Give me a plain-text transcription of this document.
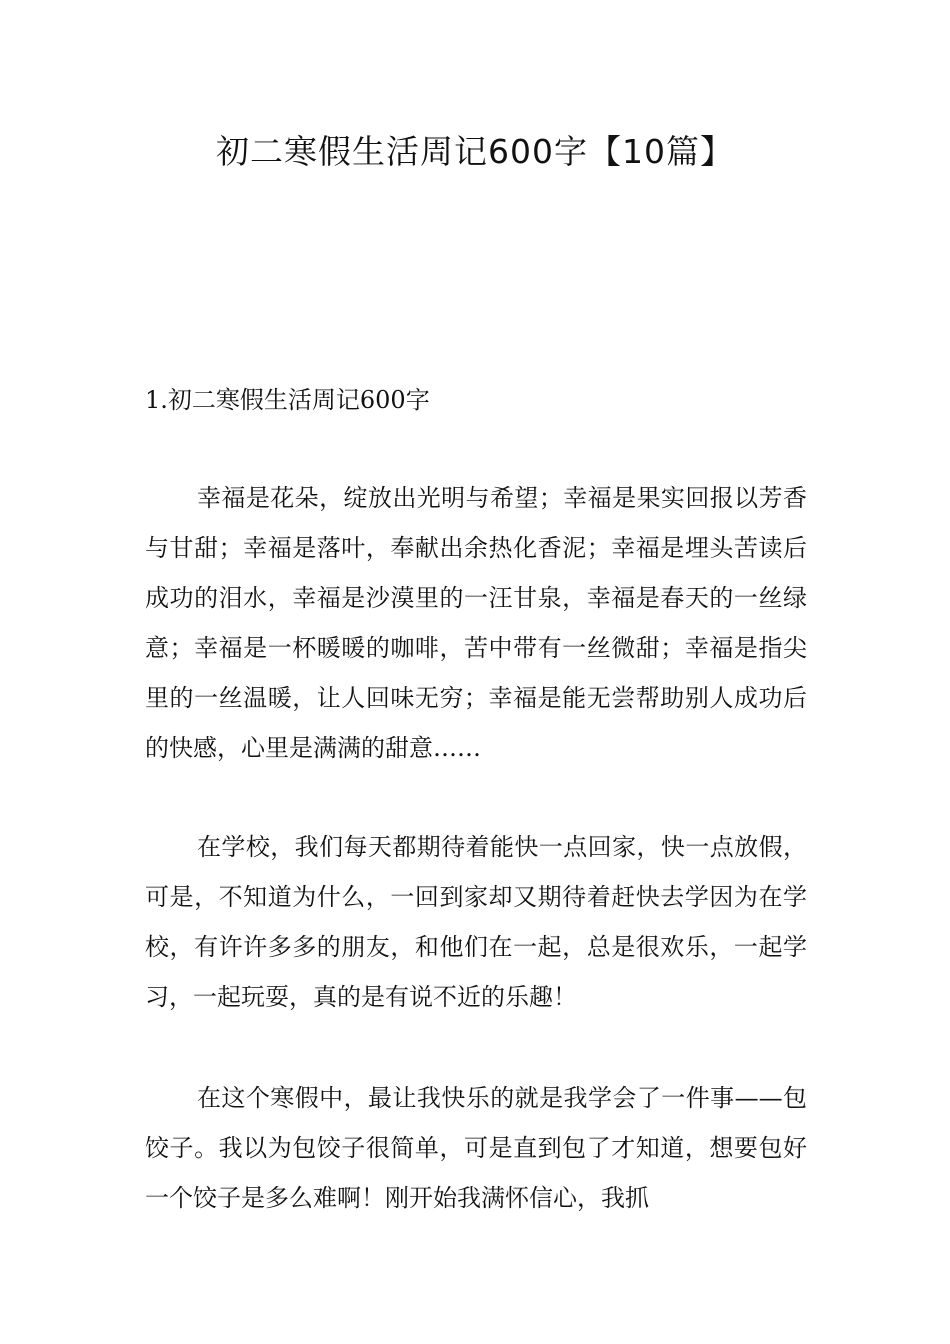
初二寒假生活周记600字【10篇】
1.初二寒假生活周记600字

幸福是花朵，绽放出光明与希望；幸福是果实回报以芳香与甘甜；幸福是落叶，奉献出余热化香泥；幸福是埋头苦读后成功的泪水，幸福是沙漠里的一汪甘泉，幸福是春天的一丝绿意；幸福是一杯暖暖的咖啡，苦中带有一丝微甜；幸福是指尖里的一丝温暖，让人回味无穷；幸福是能无尝帮助别人成功后的快感，心里是满满的甜意……

在学校，我们每天都期待着能快一点回家，快一点放假，可是，不知道为什么，一回到家却又期待着赶快去学因为在学校，有许许多多的朋友，和他们在一起，总是很欢乐，一起学习，一起玩耍，真的是有说不近的乐趣！

在这个寒假中，最让我快乐的就是我学会了一件事——包饺子。我以为包饺子很简单，可是直到包了才知道，想要包好一个饺子是多么难啊！刚开始我满怀信心，我抓
